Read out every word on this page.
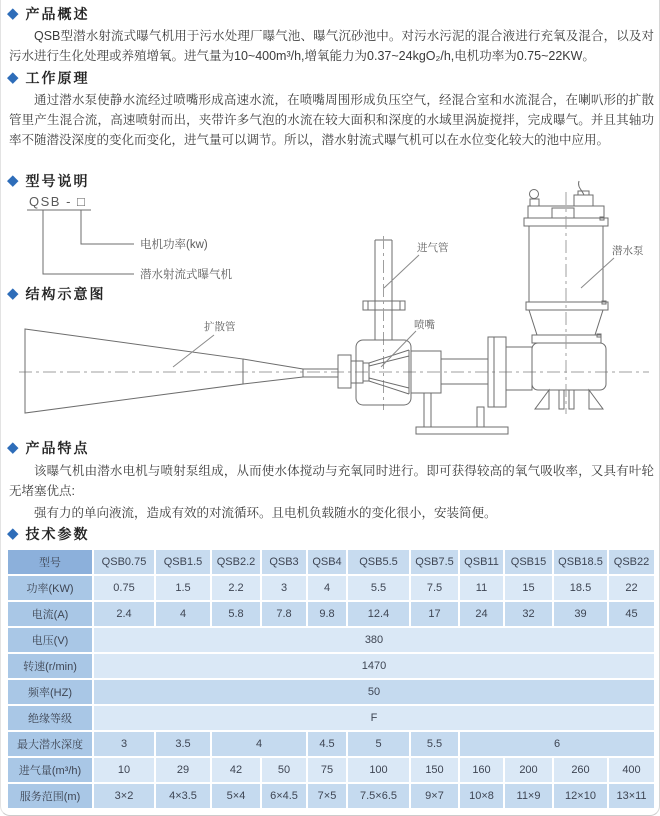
◆ 产品概述

QSB型潜水射流式曝气机用于污水处理厂曝气池、曝气沉砂池中。对污水污泥的混合液进行充氧及混合，以及对污水进行生化处理或养殖增氧。进气量为10~400m³/h,增氧能力为0.37~24kgO₂/h,电机功率为0.75~22KW。

◆ 工作原理

通过潜水泵使静水流经过喷嘴形成高速水流，在喷嘴周围形成负压空气，经混合室和水流混合，在喇叭形的扩散管里产生混合流，高速喷射而出，夹带许多气泡的水流在较大面积和深度的水域里涡旋搅拌，完成曝气。并且其轴功率不随潜没深度的变化而变化，进气量可以调节。所以，潜水射流式曝气机可以在水位变化较大的池中应用。

◆ 型号说明
QSB - □
电机功率(kw)
潜水射流式曝气机
◆ 结构示意图
扩散管
进气管
喷嘴
潜水泵
◆ 产品特点

该曝气机由潜水电机与喷射泵组成，从而使水体搅动与充氧同时进行。即可获得较高的氧气吸收率，又具有叶轮无堵塞优点:

强有力的单向液流，造成有效的对流循环。且电机负载随水的变化很小，安装简便。

◆ 技术参数
型号	QSB0.75	QSB1.5	QSB2.2	QSB3	QSB4	QSB5.5	QSB7.5	QSB11	QSB15	QSB18.5	QSB22
功率(KW)	0.75	1.5	2.2	3	4	5.5	7.5	11	15	18.5	22
电流(A)	2.4	4	5.8	7.8	9.8	12.4	17	24	32	39	45
电压(V)	380										
转速(r/min)	1470										
频率(HZ)	50										
绝缘等级	F										
最大潜水深度	3	3.5	4		4.5	5	5.5	6			
进气量(m³/h)	10	29	42	50	75	100	150	160	200	260	400
服务范围(m)	3×2	4×3.5	5×4	6×4.5	7×5	7.5×6.5	9×7	10×8	11×9	12×10	13×11
